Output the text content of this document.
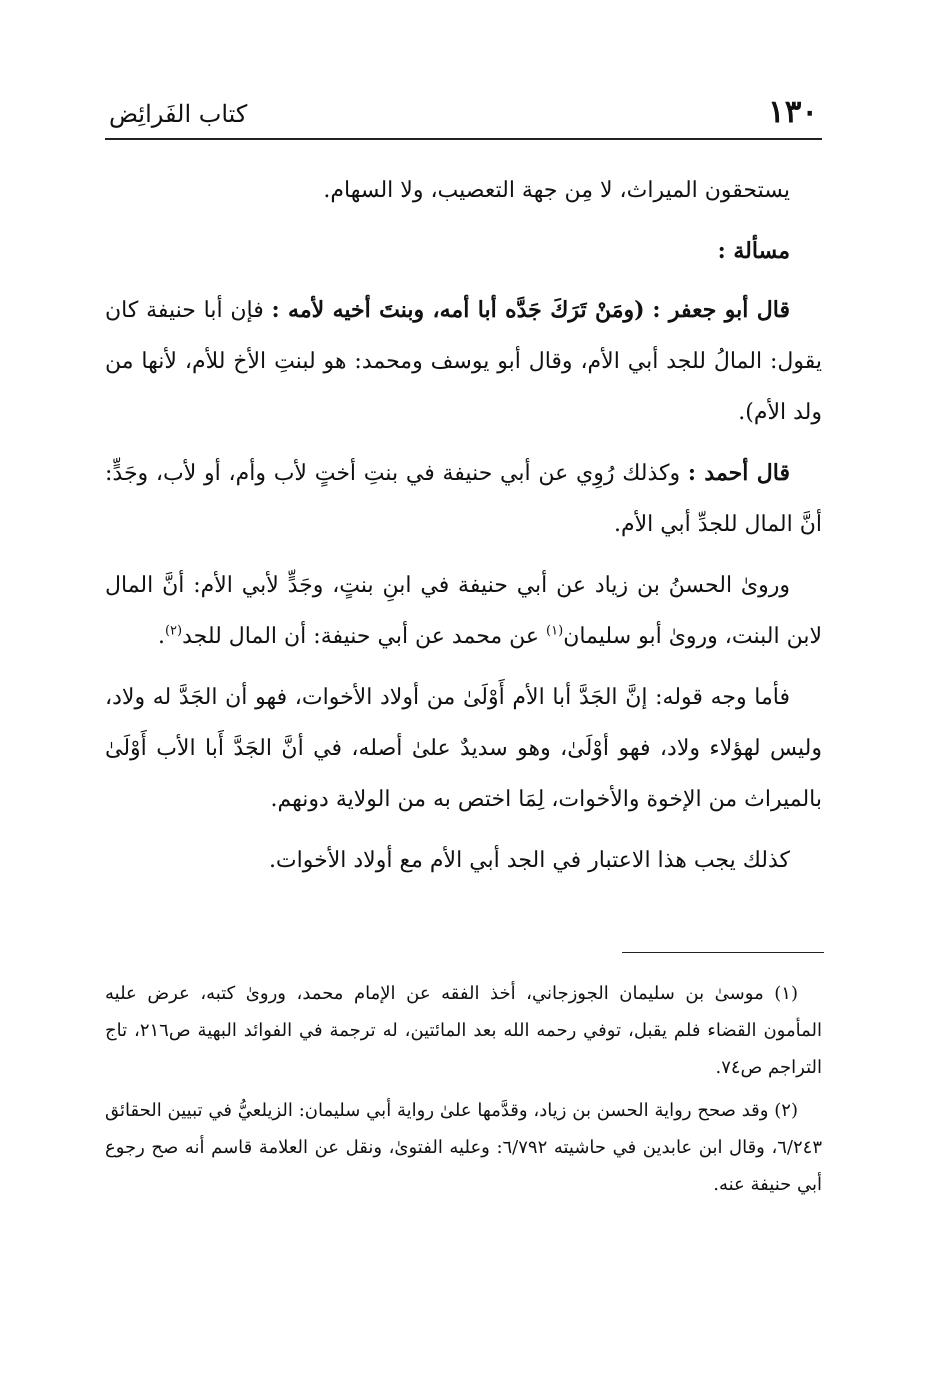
١٣٠
كتاب الفَرائِض

يستحقون الميراث، لا مِن جهة التعصيب، ولا السهام.

مسألة :

قال أبو جعفر : (ومَنْ تَرَكَ جَدَّه أبا أمه، وبنتَ أخيه لأمه : فإن أبا حنيفة كان يقول: المالُ للجد أبي الأم، وقال أبو يوسف ومحمد: هو لبنتِ الأخ للأم، لأنها من ولد الأم).

قال أحمد : وكذلك رُوِي عن أبي حنيفة في بنتِ أختٍ لأب وأم، أو لأب، وجَدٍّ: أنَّ المال للجدِّ أبي الأم.

ورویٰ الحسنُ بن زياد عن أبي حنيفة في ابنِ بنتٍ، وجَدٍّ لأبي الأم: أنَّ المال لابن البنت، ورویٰ أبو سليمان$^{(١)}$ عن محمد عن أبي حنيفة: أن المال للجد$^{(٢)}$.

فأما وجه قوله: إنَّ الجَدَّ أبا الأم أَوْلَىٰ من أولاد الأخوات، فهو أن الجَدَّ له ولاد، وليس لهؤلاء ولاد، فهو أوْلَىٰ، وهو سديدٌ علىٰ أصله، في أنَّ الجَدَّ أَبا الأب أَوْلَىٰ بالميراث من الإخوة والأخوات، لِمَا اختص به من الولاية دونهم.

كذلك يجب هذا الاعتبار في الجد أبي الأم مع أولاد الأخوات.

(١) موسىٰ بن سليمان الجوزجاني، أخذ الفقه عن الإمام محمد، وروىٰ كتبه، عرض عليه المأمون القضاء فلم يقبل، توفي رحمه الله بعد المائتين، له ترجمة في الفوائد البهية ص٢١٦، تاج التراجم ص٧٤.

(٢) وقد صحح رواية الحسن بن زياد، وقدَّمها علىٰ رواية أبي سليمان: الزيلعيُّ في تبيين الحقائق ٦/٢٤٣، وقال ابن عابدين في حاشيته ٦/٧٩٢: وعليه الفتوىٰ، ونقل عن العلامة قاسم أنه صح رجوع أبي حنيفة عنه.
